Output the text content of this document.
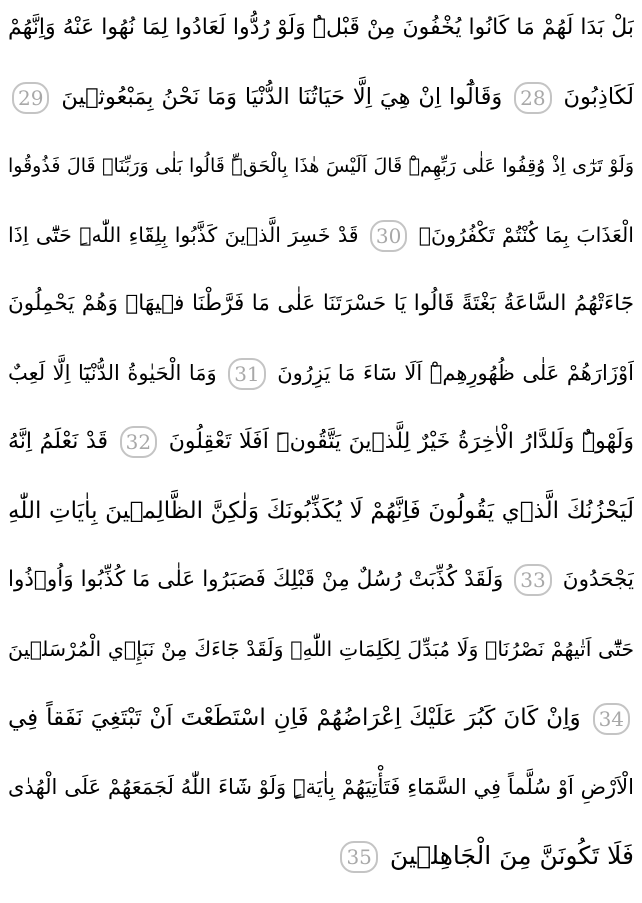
بَلْ بَدَا لَهُمْ مَا كَانُوا يُخْفُونَ مِنْ قَبْلُۜ وَلَوْ رُدُّوا لَعَادُوا لِمَا نُهُوا عَنْهُ وَاِنَّهُمْ
لَكَاذِبُونَ 28 وَقَالُٓوا اِنْ هِيَ اِلَّا حَيَاتُنَا الدُّنْيَا وَمَا نَحْنُ بِمَبْعُوث۪ينَ 29
وَلَوْ تَرٰٓى اِذْ وُقِفُوا عَلٰى رَبِّهِمْۜ قَالَ اَلَيْسَ هٰذَا بِالْحَقِّۜ قَالُوا بَلٰى وَرَبِّنَاۜ قَالَ فَذُوقُوا
الْعَذَابَ بِمَا كُنْتُمْ تَكْفُرُونَ۟ 30 قَدْ خَسِرَ الَّذ۪ينَ كَذَّبُوا بِلِقَٓاءِ اللّٰهِۜ حَتّٰٓى اِذَا
جَٓاءَتْهُمُ السَّاعَةُ بَغْتَةً قَالُوا يَا حَسْرَتَنَا عَلٰى مَا فَرَّطْنَا ف۪يهَاۙ وَهُمْ يَحْمِلُونَ
اَوْزَارَهُمْ عَلٰى ظُهُورِهِمْۜ اَلَا سَٓاءَ مَا يَزِرُونَ 31 وَمَا الْحَيٰوةُ الدُّنْيَٓا اِلَّا لَعِبٌ
وَلَهْوٌۜ وَلَلدَّارُ الْاٰخِرَةُ خَيْرٌ لِلَّذ۪ينَ يَتَّقُونَۜ اَفَلَا تَعْقِلُونَ 32 قَدْ نَعْلَمُ اِنَّهُ
لَيَحْزُنُكَ الَّذ۪ي يَقُولُونَ فَاِنَّهُمْ لَا يُكَذِّبُونَكَ وَلٰكِنَّ الظَّالِم۪ينَ بِاٰيَاتِ اللّٰهِ
يَجْحَدُونَ 33 وَلَقَدْ كُذِّبَتْ رُسُلٌ مِنْ قَبْلِكَ فَصَبَرُوا عَلٰى مَا كُذِّبُوا وَاُو۫ذُوا
حَتّٰٓى اَتٰيهُمْ نَصْرُنَاۚ وَلَا مُبَدِّلَ لِكَلِمَاتِ اللّٰهِۚ وَلَقَدْ جَٓاءَكَ مِنْ نَبَإِ۬ي الْمُرْسَل۪ينَ
34 وَاِنْ كَانَ كَبُرَ عَلَيْكَ اِعْرَاضُهُمْ فَاِنِ اسْتَطَعْتَ اَنْ تَبْتَغِيَ نَفَقاً فِي
الْاَرْضِ اَوْ سُلَّماً فِي السَّمَٓاءِ فَتَأْتِيَهُمْ بِاٰيَةٍۜ وَلَوْ شَٓاءَ اللّٰهُ لَجَمَعَهُمْ عَلَى الْهُدٰى
فَلَا تَكُونَنَّ مِنَ الْجَاهِل۪ينَ 35
